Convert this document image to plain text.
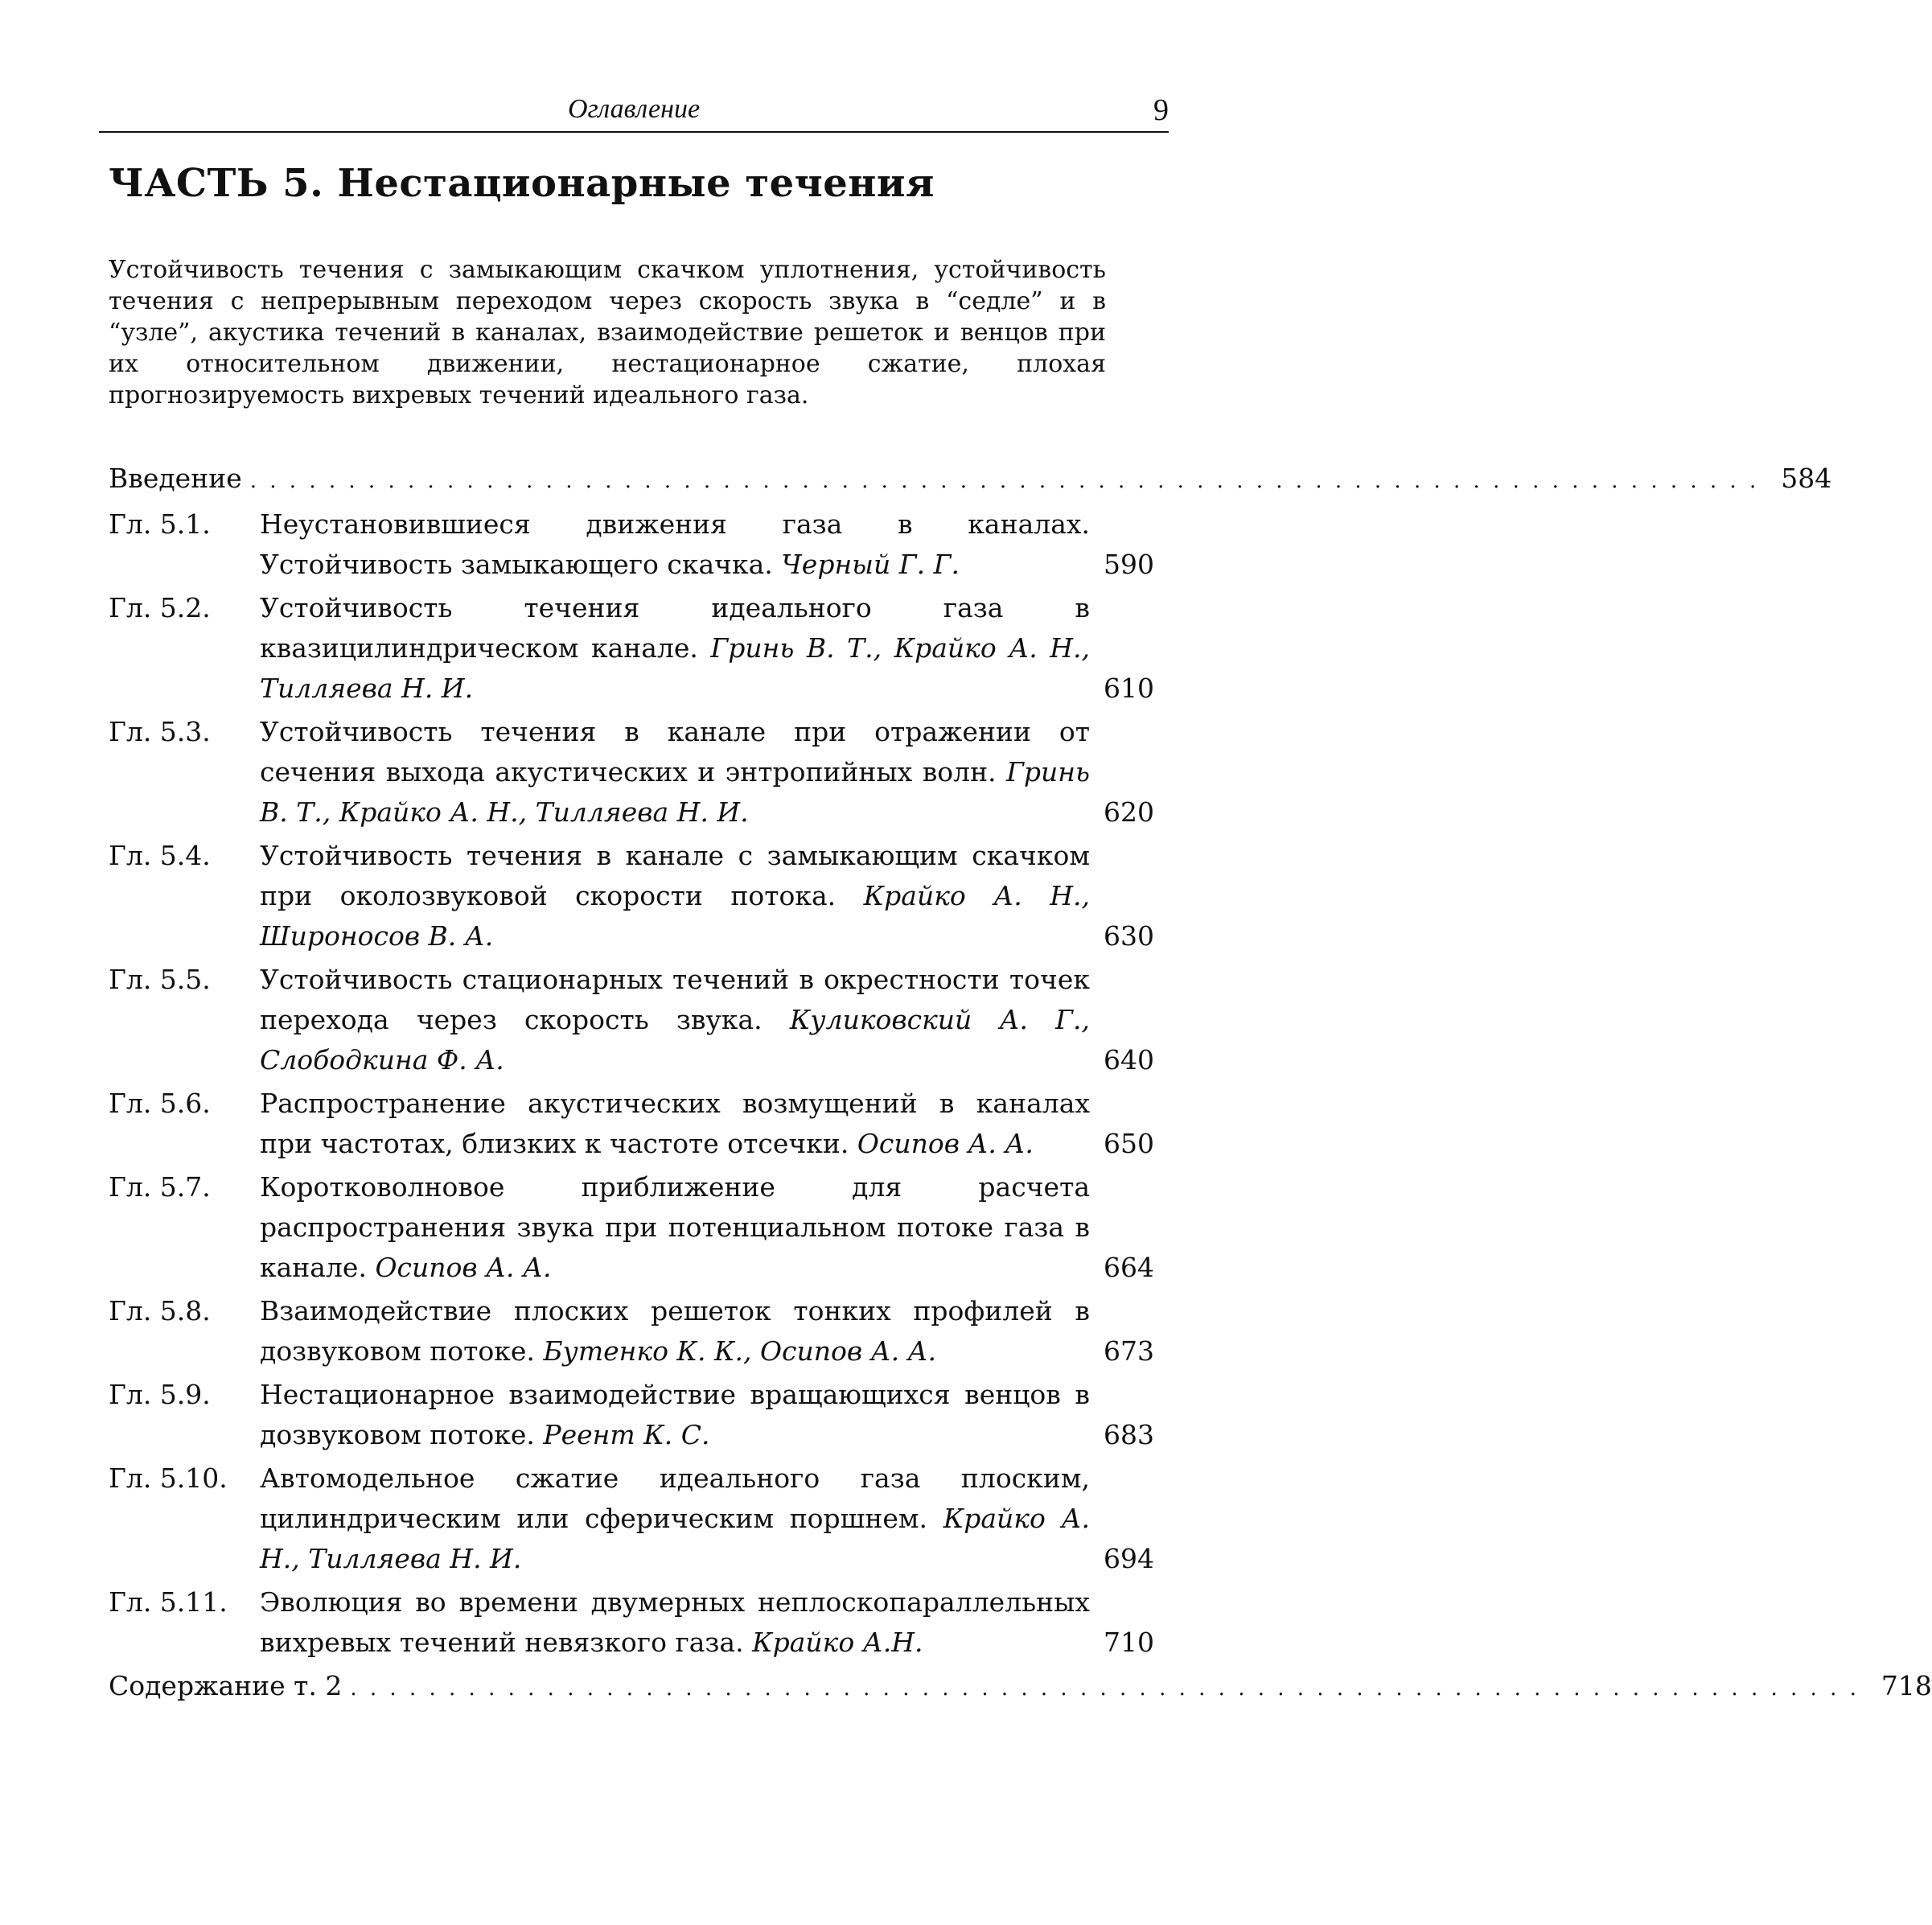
Оглавление	9
ЧАСТЬ 5. Нестационарные течения
Устойчивость течения с замыкающим скачком уплотнения, устойчивость течения с непрерывным переходом через скорость звука в “седле” и в “узле”, акустика течений в каналах, взаимодействие решеток и венцов при их относительном движении, нестационарное сжатие, плохая прогнозируемость вихревых течений идеального газа.
Введение . . . . . . . . . . . . . . . . . . . . . . . . . . . . . . . . . . . . . . . . . . . . . . . . . . . . . . . . . . . . . . . . . . . . . . . . . . . . . 584
Гл. 5.1.	Неустановившиеся движения газа в каналах. Устойчивость замыкающего скачка. Черный Г. Г.	590
Гл. 5.2.	Устойчивость течения идеального газа в квазицилиндрическом канале. Гринь В. Т., Крайко А. Н., Тилляева Н. И.	610
Гл. 5.3.	Устойчивость течения в канале при отражении от сечения выхода акустических и энтропийных волн. Гринь В. Т., Крайко А. Н., Тилляева Н. И.	620
Гл. 5.4.	Устойчивость течения в канале с замыкающим скачком при околозвуковой скорости потока. Крайко А. Н., Широносов В. А.	630
Гл. 5.5.	Устойчивость стационарных течений в окрестности точек перехода через скорость звука. Куликовский А. Г., Слободкина Ф. А.	640
Гл. 5.6.	Распространение акустических возмущений в каналах при частотах, близких к частоте отсечки. Осипов А. А.	650
Гл. 5.7.	Коротковолновое приближение для расчета распространения звука при потенциальном потоке газа в канале. Осипов А. А.	664
Гл. 5.8.	Взаимодействие плоских решеток тонких профилей в дозвуковом потоке. Бутенко К. К., Осипов А. А.	673
Гл. 5.9.	Нестационарное взаимодействие вращающихся венцов в дозвуковом потоке. Реент К. С.	683
Гл. 5.10.	Автомодельное сжатие идеального газа плоским, цилиндрическим или сферическим поршнем. Крайко А. Н., Тилляева Н. И.	694
Гл. 5.11.	Эволюция во времени двумерных неплоскопараллельных вихревых течений невязкого газа. Крайко А.Н.	710
Содержание т. 2 . . . . . . . . . . . . . . . . . . . . . . . . . . . . . . . . . . . . . . . . . . . . . . . . . . . . . . . . . . . . . . . . . . . . . . . . . . . . . 718
